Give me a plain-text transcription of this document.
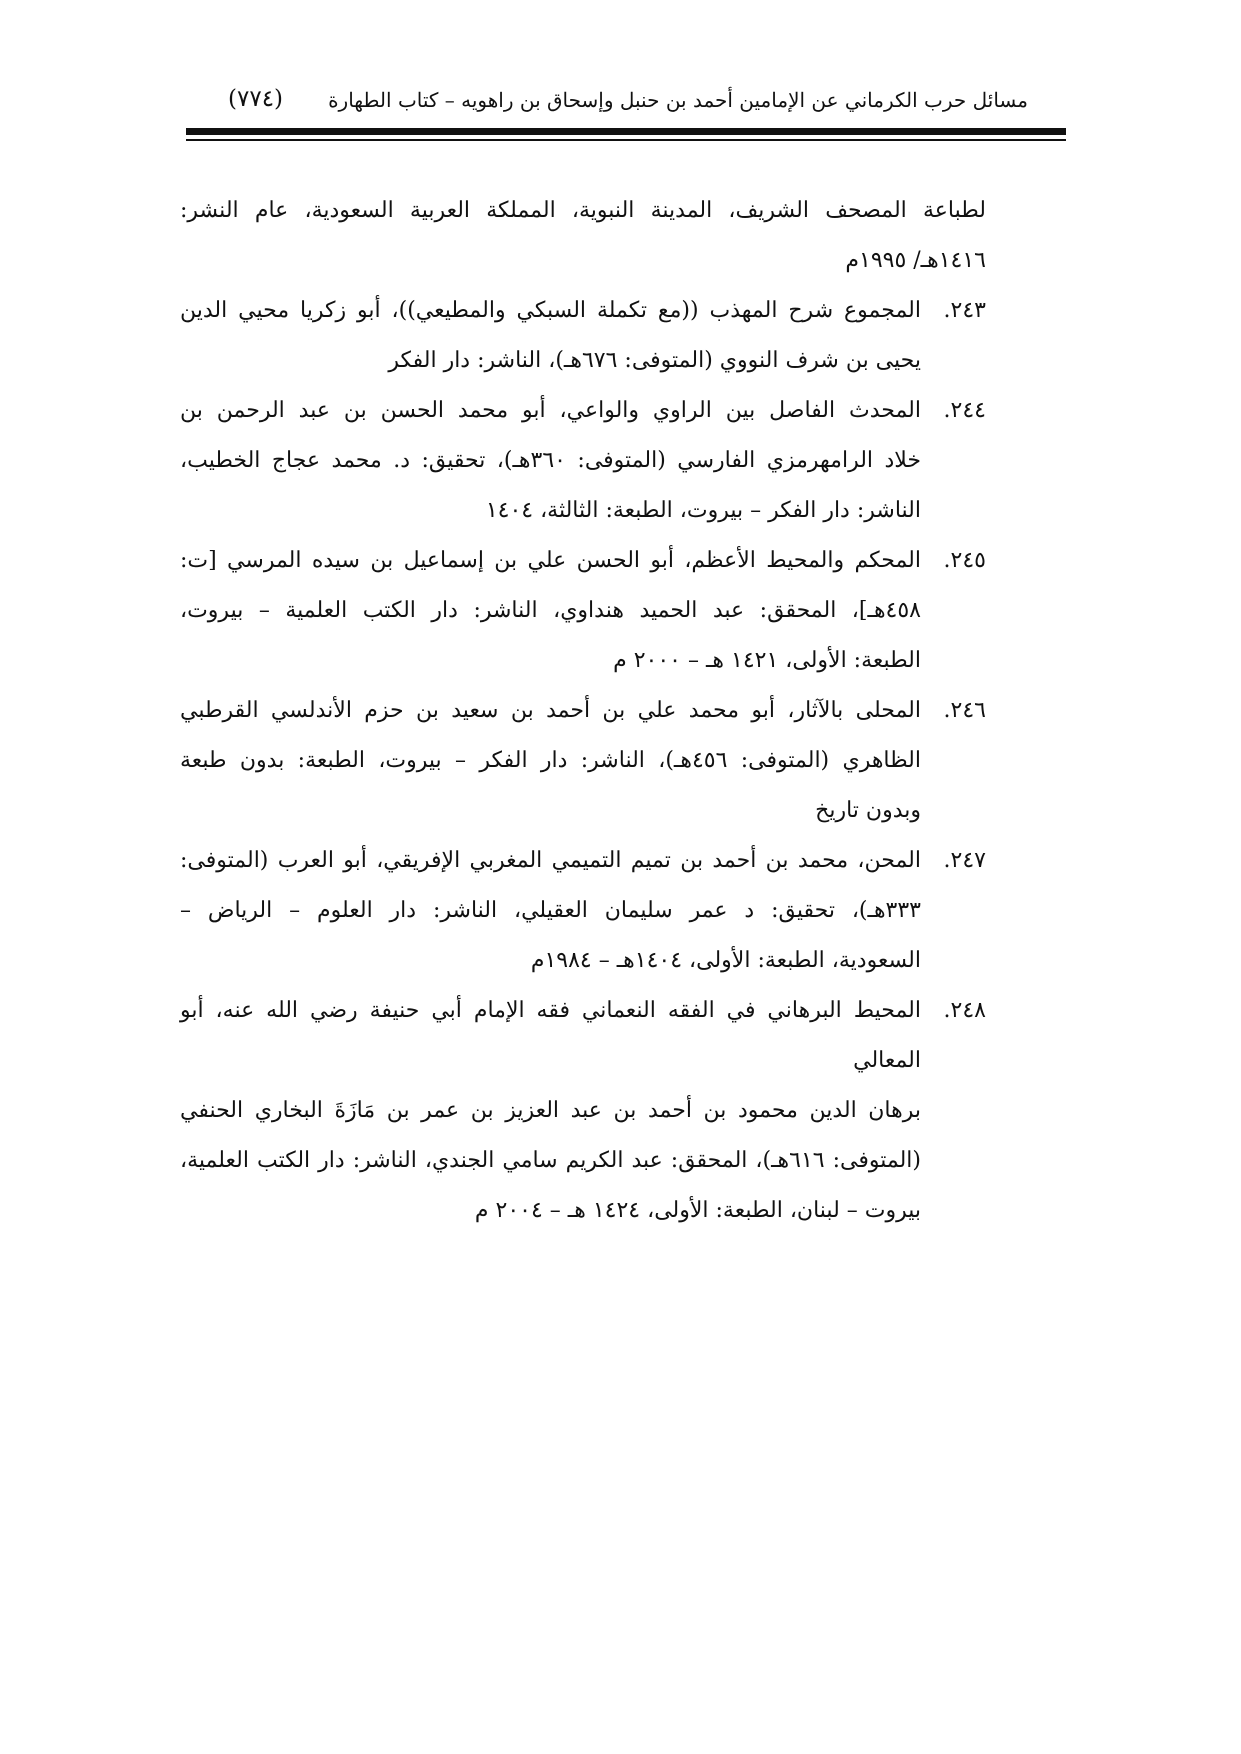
مسائل حرب الكرماني عن الإمامين أحمد بن حنبل وإسحاق بن راهويه – كتاب الطهارة
(٧٧٤)
لطباعة المصحف الشريف، المدينة النبوية، المملكة العربية السعودية، عام النشر:
١٤١٦هـ/ ١٩٩٥م
٢٤٣.
المجموع شرح المهذب ((مع تكملة السبكي والمطيعي))، أبو زكريا محيي الدين
يحيى بن شرف النووي (المتوفى: ٦٧٦هـ)، الناشر: دار الفكر
٢٤٤.
المحدث الفاصل بين الراوي والواعي، أبو محمد الحسن بن عبد الرحمن بن
خلاد الرامهرمزي الفارسي (المتوفى: ٣٦٠هـ)، تحقيق: د. محمد عجاج الخطيب،
الناشر: دار الفكر – بيروت، الطبعة: الثالثة، ١٤٠٤
٢٤٥.
المحكم والمحيط الأعظم، أبو الحسن علي بن إسماعيل بن سيده المرسي [ت:
٤٥٨هـ]، المحقق: عبد الحميد هنداوي، الناشر: دار الكتب العلمية – بيروت،
الطبعة: الأولى، ١٤٢١ هـ – ٢٠٠٠ م
٢٤٦.
المحلى بالآثار، أبو محمد علي بن أحمد بن سعيد بن حزم الأندلسي القرطبي
الظاهري (المتوفى: ٤٥٦هـ)، الناشر: دار الفكر – بيروت، الطبعة: بدون طبعة
وبدون تاريخ
٢٤٧.
المحن، محمد بن أحمد بن تميم التميمي المغربي الإفريقي، أبو العرب (المتوفى:
٣٣٣هـ)، تحقيق: د عمر سليمان العقيلي، الناشر: دار العلوم – الرياض –
السعودية، الطبعة: الأولى، ١٤٠٤هـ – ١٩٨٤م
٢٤٨.
المحيط البرهاني في الفقه النعماني فقه الإمام أبي حنيفة رضي الله عنه، أبو المعالي
برهان الدين محمود بن أحمد بن عبد العزيز بن عمر بن مَازَةَ البخاري الحنفي
(المتوفى: ٦١٦هـ)، المحقق: عبد الكريم سامي الجندي، الناشر: دار الكتب العلمية،
بيروت – لبنان، الطبعة: الأولى، ١٤٢٤ هـ – ٢٠٠٤ م
